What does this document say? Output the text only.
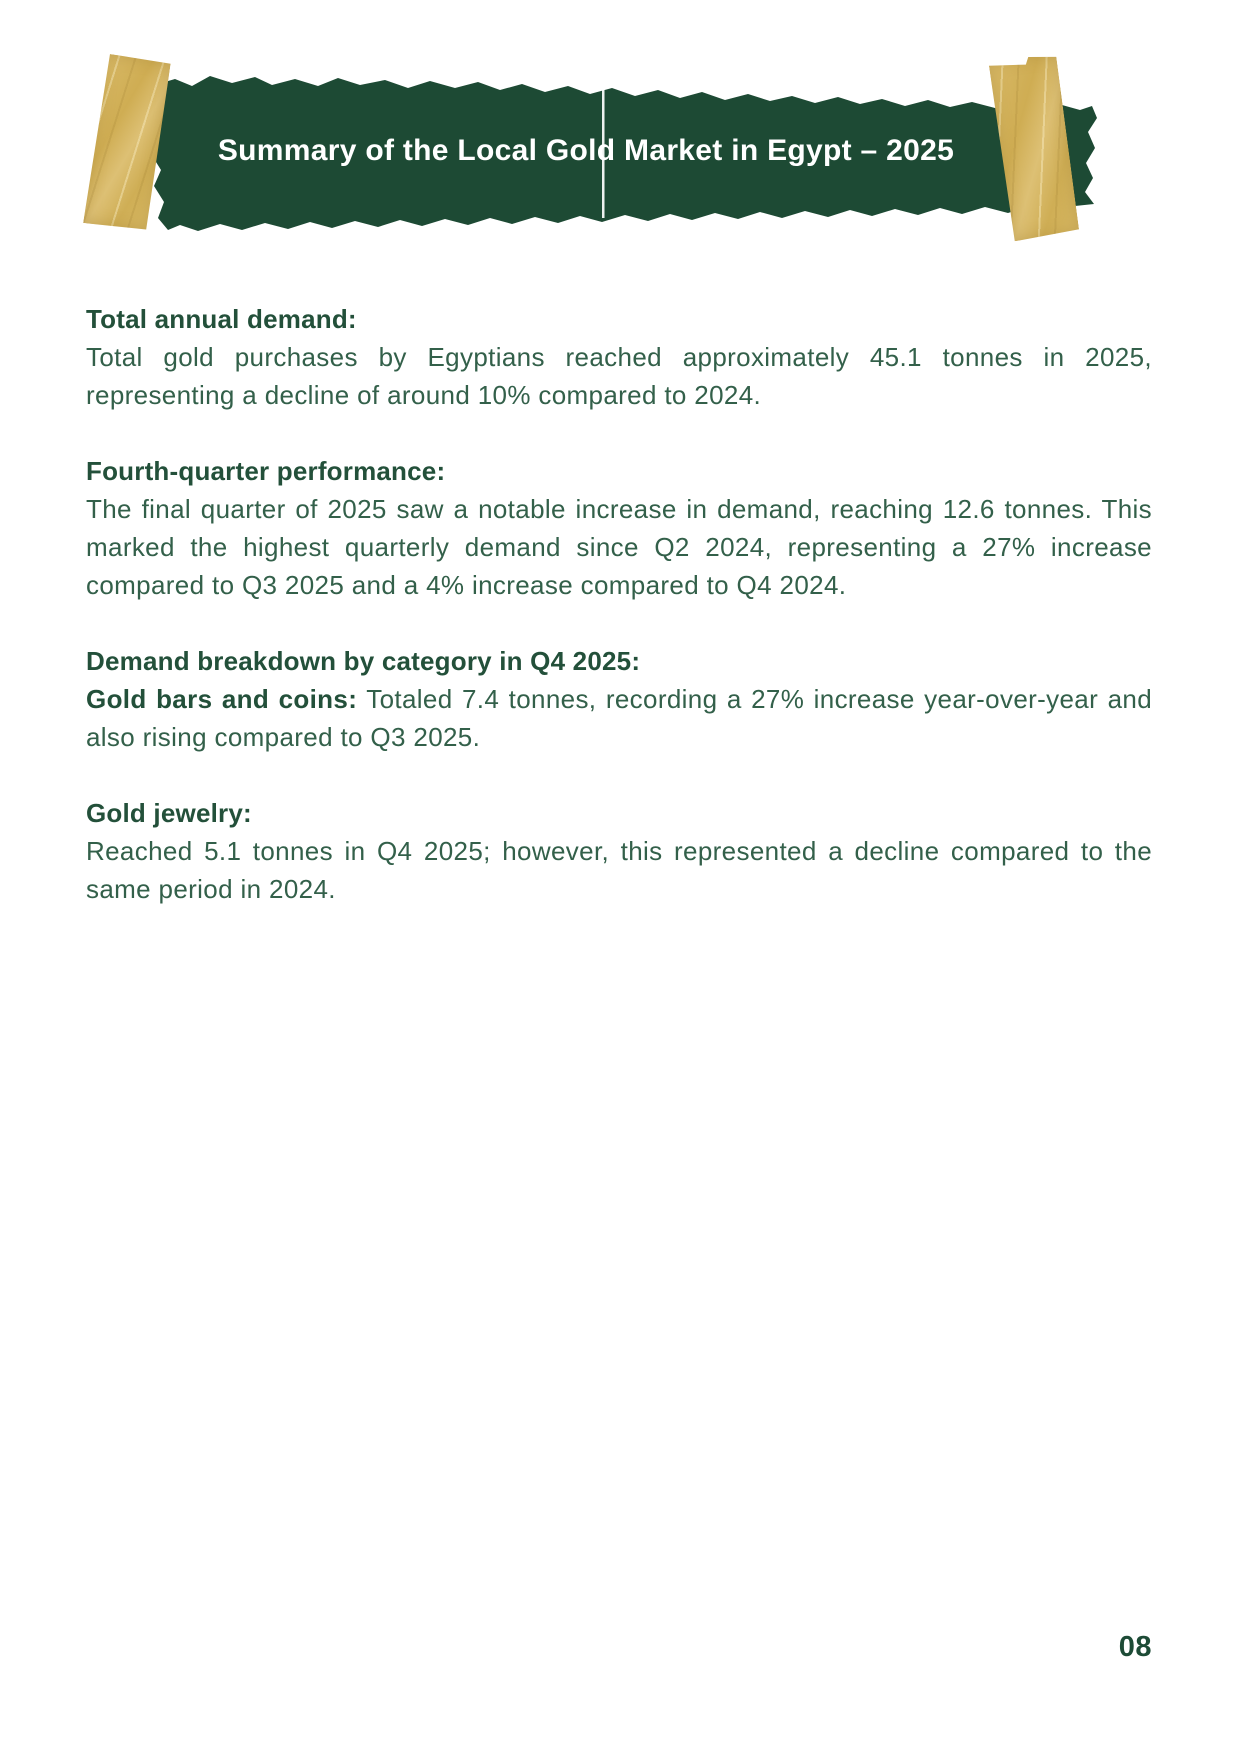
Summary of the Local Gold Market in Egypt – 2025
Total annual demand:

Total gold purchases by Egyptians reached approximately 45.1 tonnes in 2025, representing a decline of around 10% compared to 2024.

Fourth-quarter performance:

The final quarter of 2025 saw a notable increase in demand, reaching 12.6 tonnes. This marked the highest quarterly demand since Q2 2024, representing a 27% increase compared to Q3 2025 and a 4% increase compared to Q4 2024.

Demand breakdown by category in Q4 2025:

Gold bars and coins: Totaled 7.4 tonnes, recording a 27% increase year-over-year and also rising compared to Q3 2025.

Gold jewelry:

Reached 5.1 tonnes in Q4 2025; however, this represented a decline compared to the same period in 2024.

08
